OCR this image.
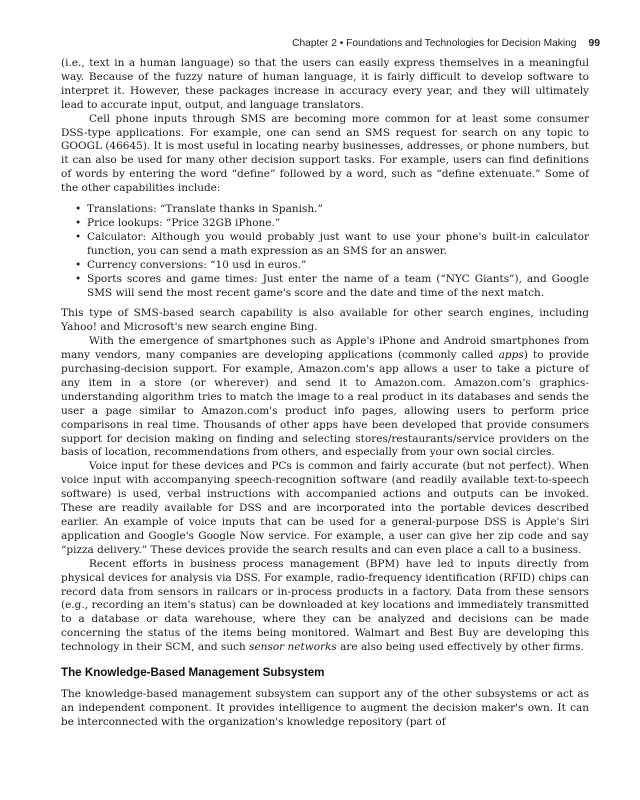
Chapter 2 • Foundations and Technologies for Decision Making 99

(i.e., text in a human language) so that the users can easily express themselves in a meaningful way. Because of the fuzzy nature of human language, it is fairly difficult to develop software to interpret it. However, these packages increase in accuracy every year, and they will ultimately lead to accurate input, output, and language translators.

Cell phone inputs through SMS are becoming more common for at least some consumer DSS-type applications. For example, one can send an SMS request for search on any topic to GOOGL (46645). It is most useful in locating nearby businesses, addresses, or phone numbers, but it can also be used for many other decision support tasks. For example, users can find definitions of words by entering the word “define” followed by a word, such as “define extenuate.” Some of the other capabilities include:

• Translations: “Translate thanks in Spanish.”
• Price lookups: “Price 32GB iPhone.”
• Calculator: Although you would probably just want to use your phone's built-in calculator function, you can send a math expression as an SMS for an answer.
• Currency conversions: “10 usd in euros.”
• Sports scores and game times: Just enter the name of a team (“NYC Giants”), and Google SMS will send the most recent game's score and the date and time of the next match.

This type of SMS-based search capability is also available for other search engines, including Yahoo! and Microsoft's new search engine Bing.

With the emergence of smartphones such as Apple's iPhone and Android smartphones from many vendors, many companies are developing applications (commonly called apps) to provide purchasing-decision support. For example, Amazon.com's app allows a user to take a picture of any item in a store (or wherever) and send it to Amazon.com. Amazon.com's graphics-understanding algorithm tries to match the image to a real product in its databases and sends the user a page similar to Amazon.com's product info pages, allowing users to perform price comparisons in real time. Thousands of other apps have been developed that provide consumers support for decision making on finding and selecting stores/restaurants/service providers on the basis of location, recommendations from others, and especially from your own social circles.

Voice input for these devices and PCs is common and fairly accurate (but not perfect). When voice input with accompanying speech-recognition software (and readily available text-to-speech software) is used, verbal instructions with accompanied actions and outputs can be invoked. These are readily available for DSS and are incorporated into the portable devices described earlier. An example of voice inputs that can be used for a general-purpose DSS is Apple's Siri application and Google's Google Now service. For example, a user can give her zip code and say “pizza delivery.” These devices provide the search results and can even place a call to a business.

Recent efforts in business process management (BPM) have led to inputs directly from physical devices for analysis via DSS. For example, radio-frequency identification (RFID) chips can record data from sensors in railcars or in-process products in a factory. Data from these sensors (e.g., recording an item's status) can be downloaded at key locations and immediately transmitted to a database or data warehouse, where they can be analyzed and decisions can be made concerning the status of the items being monitored. Walmart and Best Buy are developing this technology in their SCM, and such sensor networks are also being used effectively by other firms.

The Knowledge-Based Management Subsystem

The knowledge-based management subsystem can support any of the other subsystems or act as an independent component. It provides intelligence to augment the decision maker's own. It can be interconnected with the organization's knowledge repository (part of
